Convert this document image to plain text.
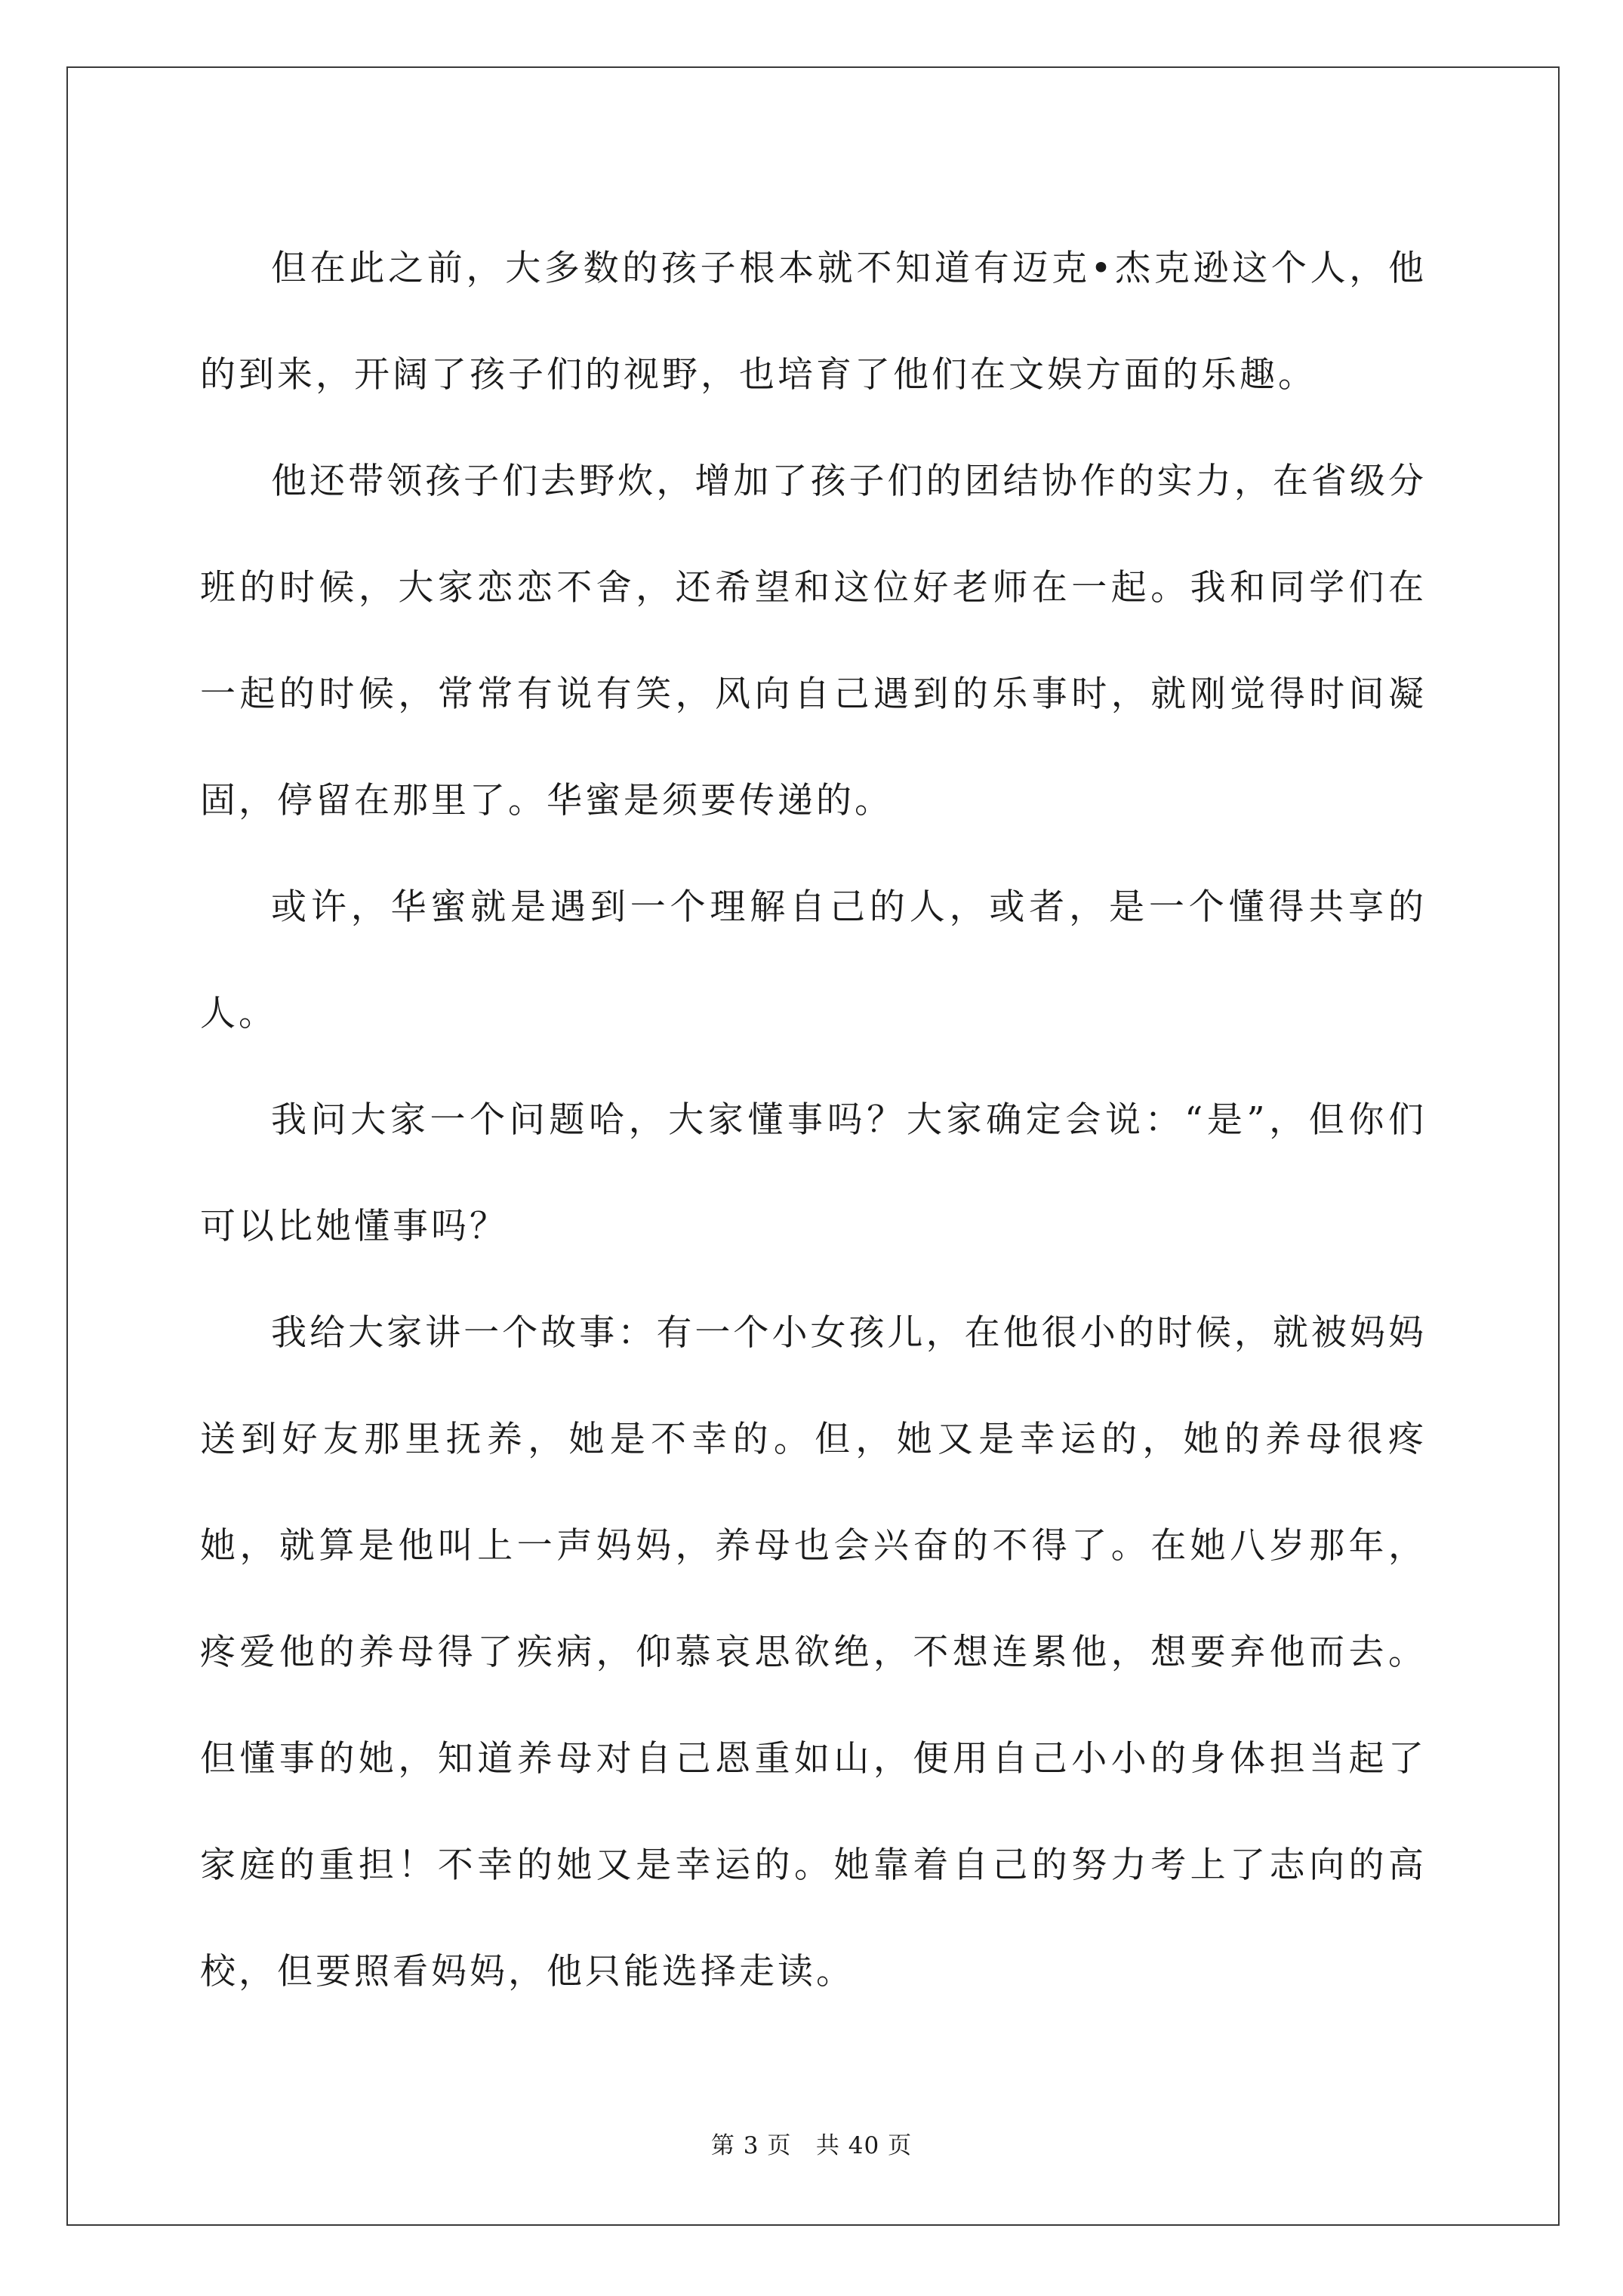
但在此之前，大多数的孩子根本就不知道有迈克•杰克逊这个人，他的到来，开阔了孩子们的视野，也培育了他们在文娱方面的乐趣。

他还带领孩子们去野炊，增加了孩子们的团结协作的实力，在省级分班的时候，大家恋恋不舍，还希望和这位好老师在一起。我和同学们在一起的时候，常常有说有笑，风向自己遇到的乐事时，就刚觉得时间凝固，停留在那里了。华蜜是须要传递的。

或许，华蜜就是遇到一个理解自己的人，或者，是一个懂得共享的人。

我问大家一个问题哈，大家懂事吗？大家确定会说：“是”，但你们可以比她懂事吗？

我给大家讲一个故事：有一个小女孩儿，在他很小的时候，就被妈妈送到好友那里抚养，她是不幸的。但，她又是幸运的，她的养母很疼她，就算是他叫上一声妈妈，养母也会兴奋的不得了。在她八岁那年，疼爱他的养母得了疾病，仰慕哀思欲绝，不想连累他，想要弃他而去。但懂事的她，知道养母对自己恩重如山，便用自己小小的身体担当起了家庭的重担！不幸的她又是幸运的。她靠着自己的努力考上了志向的高校，但要照看妈妈，他只能选择走读。

第 3 页   共 40 页
